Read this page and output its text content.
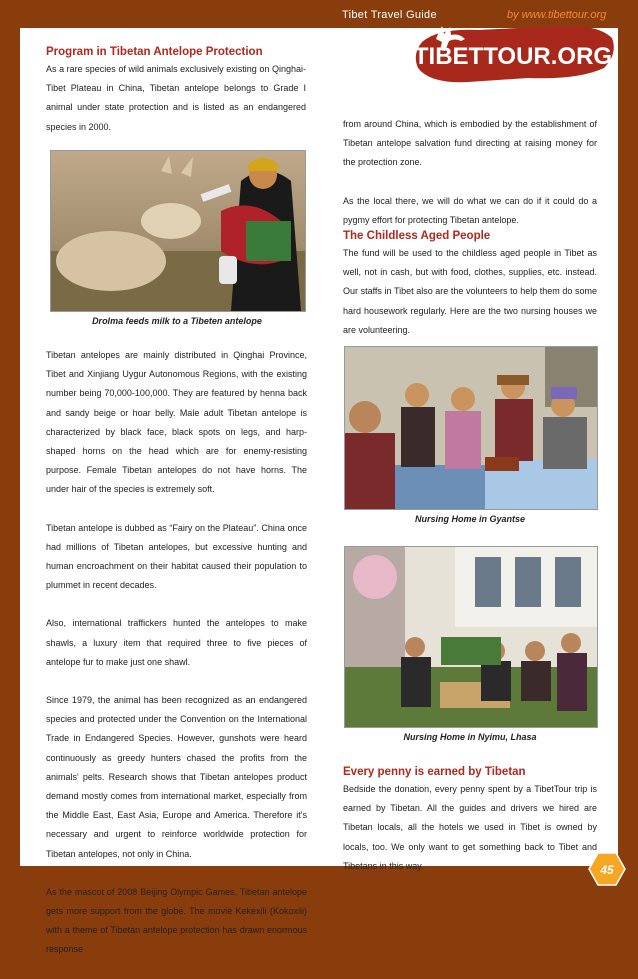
Tibet Travel Guide	by www.tibettour.org
TIBETTOUR.ORG
Program in Tibetan Antelope Protection

As a rare species of wild animals exclusively existing on Qinghai-Tibet Plateau in China, Tibetan antelope belongs to Grade I animal under state protection and is listed as an endangered species in 2000.

Drolma feeds milk to a Tibeten antelope

Tibetan antelopes are mainly distributed in Qinghai Province, Tibet and Xinjiang Uygur Autonomous Regions, with the existing number being 70,000-100,000. They are featured by henna back and sandy beige or hoar belly. Male adult Tibetan antelope is characterized by black face, black spots on legs, and harp-shaped horns on the head which are for enemy-resisting purpose. Female Tibetan antelopes do not have horns. The under hair of the species is extremely soft.

Tibetan antelope is dubbed as “Fairy on the Plateau”. China once had millions of Tibetan antelopes, but excessive hunting and human encroachment on their habitat caused their population to plummet in recent decades.

Also, international traffickers hunted the antelopes to make shawls, a luxury item that required three to five pieces of antelope fur to make just one shawl.

Since 1979, the animal has been recognized as an endangered species and protected under the Convention on the International Trade in Endangered Species. However, gunshots were heard continuously as greedy hunters chased the profits from the animals' pelts. Research shows that Tibetan antelopes product demand mostly comes from international market, especially from the Middle East, East Asia, Europe and America. Therefore it's necessary and urgent to reinforce worldwide protection for Tibetan antelopes, not only in China.

As the mascot of 2008 Beijing Olympic Games, Tibetan antelope gets more support from the globe. The movie Kekexili (Kokoxili) with a theme of Tibetan antelope protection has drawn enormous response

from around China, which is embodied by the establishment of Tibetan antelope salvation fund directing at raising money for the protection zone.

As the local there, we will do what we can do if it could do a pygmy effort for protecting Tibetan antelope.

The Childless Aged People

The fund will be used to the childless aged people in Tibet as well, not in cash, but with food, clothes, supplies, etc. instead. Our staffs in Tibet also are the volunteers to help them do some hard housework regularly. Here are the two nursing houses we are volunteering.

Nursing Home in Gyantse
Nursing Home in Nyimu, Lhasa
Every penny is earned by Tibetan

Bedside the donation, every penny spent by a TibetTour trip is earned by Tibetan. All the guides and drivers we hired are Tibetan locals, all the hotels we used in Tibet is owned by locals, too. We only want to get something back to Tibet and Tibetans in this way.	45
